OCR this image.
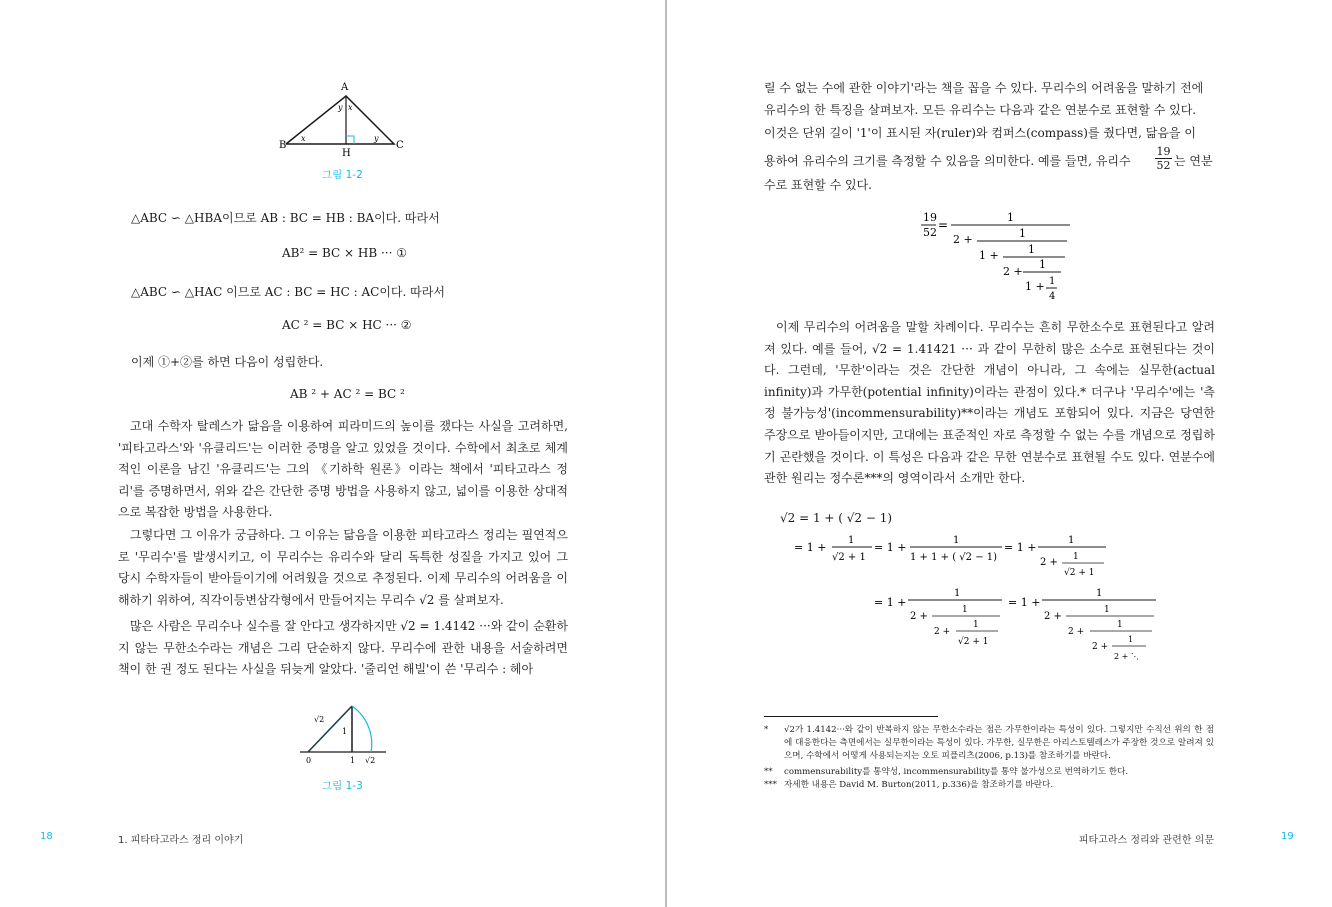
A
B	C
H
y x
x	y
그림 1-2
△ABC ∽ △HBA이므로 AB : BC = HB : BA이다. 따라서
AB² = BC × HB ··· ①
△ABC ∽ △HAC 이므로 AC : BC = HC : AC이다. 따라서
AC ² = BC × HC ··· ②
이제 ①+②를 하면 다음이 성립한다.
AB ² + AC ² = BC ²

고대 수학자 탈레스가 닮음을 이용하여 피라미드의 높이를 쟀다는 사실을 고려하면, '피타고라스'와 '유클리드'는 이러한 증명을 알고 있었을 것이다. 수학에서 최초로 체계적인 이론을 남긴 '유클리드'는 그의 《기하학 원론》이라는 책에서 '피타고라스 정리'를 증명하면서, 위와 같은 간단한 증명 방법을 사용하지 않고, 넓이를 이용한 상대적으로 복잡한 방법을 사용한다.

그렇다면 그 이유가 궁금하다. 그 이유는 닮음을 이용한 피타고라스 정리는 필연적으로 '무리수'를 발생시키고, 이 무리수는 유리수와 달리 독특한 성질을 가지고 있어 그 당시 수학자들이 받아들이기에 어려웠을 것으로 추정된다. 이제 무리수의 어려움을 이해하기 위하여, 직각이등변삼각형에서 만들어지는 무리수 √2 를 살펴보자.

많은 사람은 무리수나 실수를 잘 안다고 생각하지만 √2 = 1.4142 ···와 같이 순환하지 않는 무한소수라는 개념은 그리 단순하지 않다. 무리수에 관한 내용을 서술하려면 책이 한 권 정도 된다는 사실을 뒤늦게 알았다. '줄리언 해빌'이 쓴 '무리수 : 헤아

√2
1
0	1 √2
그림 1-3
18	1. 피타타고라스 정리 이야기
릴 수 없는 수에 관한 이야기'라는 책을 꼽을 수 있다. 무리수의 어려움을 말하기 전에
유리수의 한 특징을 살펴보자. 모든 유리수는 다음과 같은 연분수로 표현할 수 있다.
이것은 단위 길이 '1'이 표시된 자(ruler)와 컴퍼스(compass)를 줬다면, 닮음을 이
용하여 유리수의 크기를 측정할 수 있음을 의미한다. 예를 들면, 유리수 $\frac{19}{52}$ 는 연분
수로 표현할 수 있다.
19
52
=
1
2 +	1
1 +	1
2 +
1
1 + 1
4

이제 무리수의 어려움을 말할 차례이다. 무리수는 흔히 무한소수로 표현된다고 알려져 있다. 예를 들어, √2 = 1.41421 ··· 과 같이 무한히 많은 소수로 표현된다는 것이다. 그런데, '무한'이라는 것은 간단한 개념이 아니라, 그 속에는 실무한(actual infinity)과 가무한(potential infinity)이라는 관점이 있다.* 더구나 '무리수'에는 '측정 불가능성'(incommensurability)**이라는 개념도 포함되어 있다. 지금은 당연한 주장으로 받아들이지만, 고대에는 표준적인 자로 측정할 수 없는 수를 개념으로 정립하기 곤란했을 것이다. 이 특성은 다음과 같은 무한 연분수로 표현될 수도 있다. 연분수에 관한 원리는 정수론***의 영역이라서 소개만 한다.

√2 = 1 + ( √2 − 1)
= 1 +
1
√2 + 1
= 1 +
1
1 + 1 + ( √2 − 1)
= 1 +
1
2 + 1
√2 + 1
= 1 +
1
2 +
1
2 +
1
√2 + 1
= 1 +
1
2 +
1
2 +
1
2 +
1
2 + ⋱
* √2가 1.4142···와 같이 반복하지 않는 무한소수라는 점은 가무한이라는 특성이 있다. 그렇지만 수직선 위의 한 점에 대응한다는 측면에서는 실무한이라는 특성이 있다. 가무한, 실무한은 아리스토텔레스가 주장한 것으로 알려져 있으며, 수학에서 어떻게 사용되는지는 오토 피플리츠(2006, p.13)를 참조하기를 바란다.
** commensurability를 통약성, incommensurability를 통약 불가성으로 번역하기도 한다.
*** 자세한 내용은 David M. Burton(2011, p.336)을 참조하기를 바란다.
피타고라스 정리와 관련한 의문	19
